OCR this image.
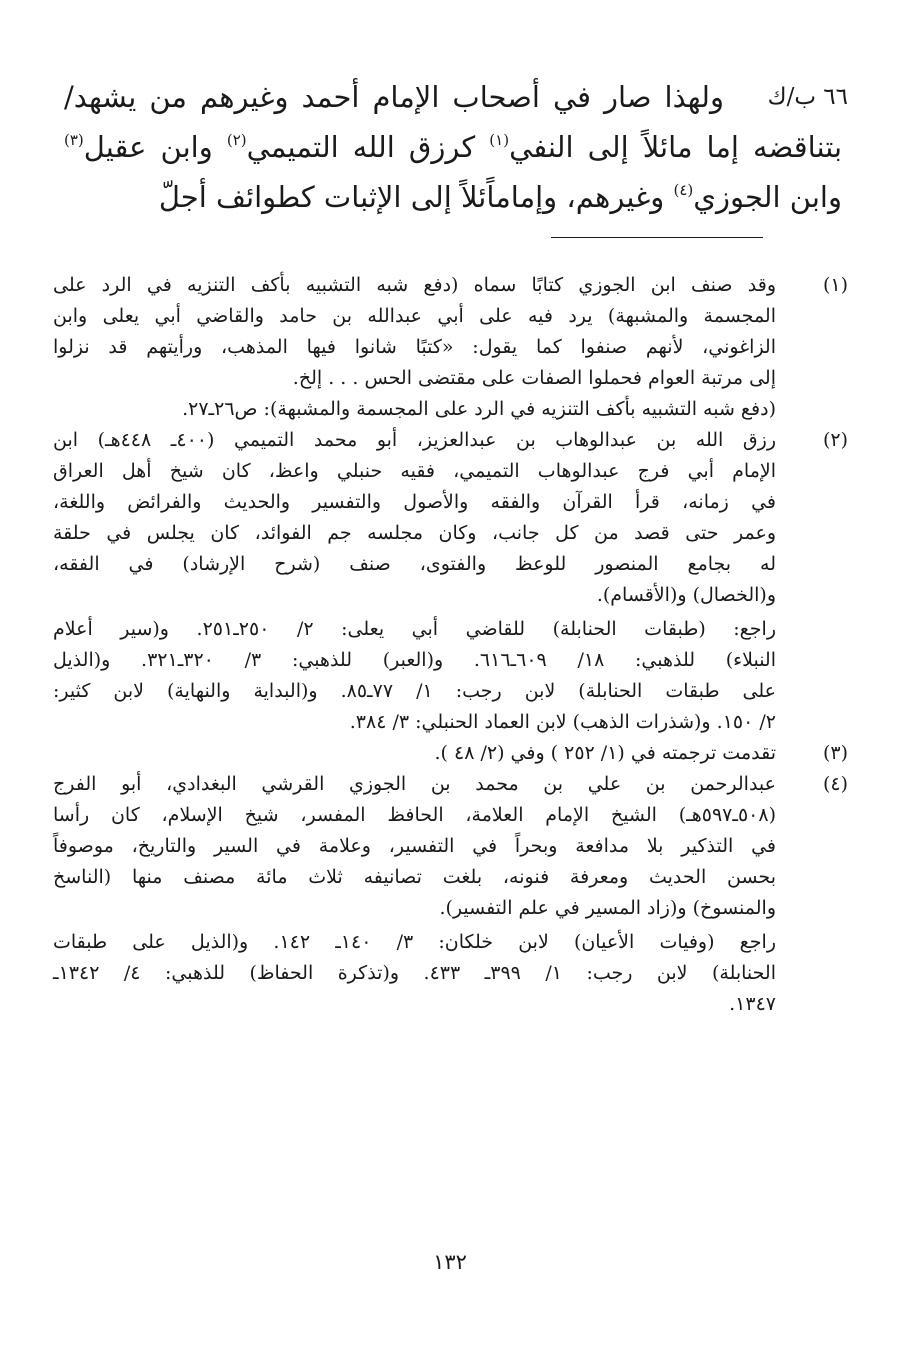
٦٦ ب/ك
ولهذا صار في أصحاب الإمام أحمد وغيرهم من يشهد/
بتناقضه إما مائلاً إلى النفي$^{(١)}$ كرزق الله التميمي$^{(٢)}$ وابن عقيل$^{(٣)}$
وابن الجوزي$^{(٤)}$ وغيرهم، وإماماًئلاً إلى الإثبات كطوائف أجلّ
(١)
وقد صنف ابن الجوزي كتابًا سماه (دفع شبه التشبيه بأكف التنزيه في الرد على
المجسمة والمشبهة) يرد فيه على أبي عبدالله بن حامد والقاضي أبي يعلى وابن
الزاغوني، لأنهم صنفوا كما يقول: «كتبًا شانوا فيها المذهب، ورأيتهم قد نزلوا
إلى مرتبة العوام فحملوا الصفات على مقتضى الحس . . . إلخ.
(دفع شبه التشبيه بأكف التنزيه في الرد على المجسمة والمشبهة): ص٢٦ـ٢٧.
(٢)
رزق الله بن عبدالوهاب بن عبدالعزيز، أبو محمد التميمي (٤٠٠ـ ٤٤٨هـ) ابن
الإمام أبي فرج عبدالوهاب التميمي، فقيه حنبلي واعظ، كان شيخ أهل العراق
في زمانه، قرأ القرآن والفقه والأصول والتفسير والحديث والفرائض واللغة،
وعمر حتى قصد من كل جانب، وكان مجلسه جم الفوائد، كان يجلس في حلقة
له بجامع المنصور للوعظ والفتوى، صنف (شرح الإرشاد) في الفقه،
و(الخصال) و(الأقسام).
راجع: (طبقات الحنابلة) للقاضي أبي يعلى: ٢/ ٢٥٠ـ٢٥١. و(سير أعلام
النبلاء) للذهبي: ١٨/ ٦٠٩ـ٦١٦. و(العبر) للذهبي: ٣/ ٣٢٠ـ٣٢١. و(الذيل
على طبقات الحنابلة) لابن رجب: ١/ ٧٧ـ٨٥. و(البداية والنهاية) لابن كثير:
٢/ ١٥٠. و(شذرات الذهب) لابن العماد الحنبلي: ٣/ ٣٨٤.
(٣)
تقدمت ترجمته في (١/ ٢٥٢ ) وفي (٢/ ٤٨ ).
(٤)
عبدالرحمن بن علي بن محمد بن الجوزي القرشي البغدادي، أبو الفرج
(٥٠٨ـ٥٩٧هـ) الشيخ الإمام العلامة، الحافظ المفسر، شيخ الإسلام، كان رأسا
في التذكير بلا مدافعة وبحراً في التفسير، وعلامة في السير والتاريخ، موصوفاً
بحسن الحديث ومعرفة فنونه، بلغت تصانيفه ثلاث مائة مصنف منها (الناسخ
والمنسوخ) و(زاد المسير في علم التفسير).
راجع (وفيات الأعيان) لابن خلكان: ٣/ ١٤٠ـ ١٤٢. و(الذيل على طبقات
الحنابلة) لابن رجب: ١/ ٣٩٩ـ ٤٣٣. و(تذكرة الحفاظ) للذهبي: ٤/ ١٣٤٢ـ
١٣٤٧.
١٣٢
